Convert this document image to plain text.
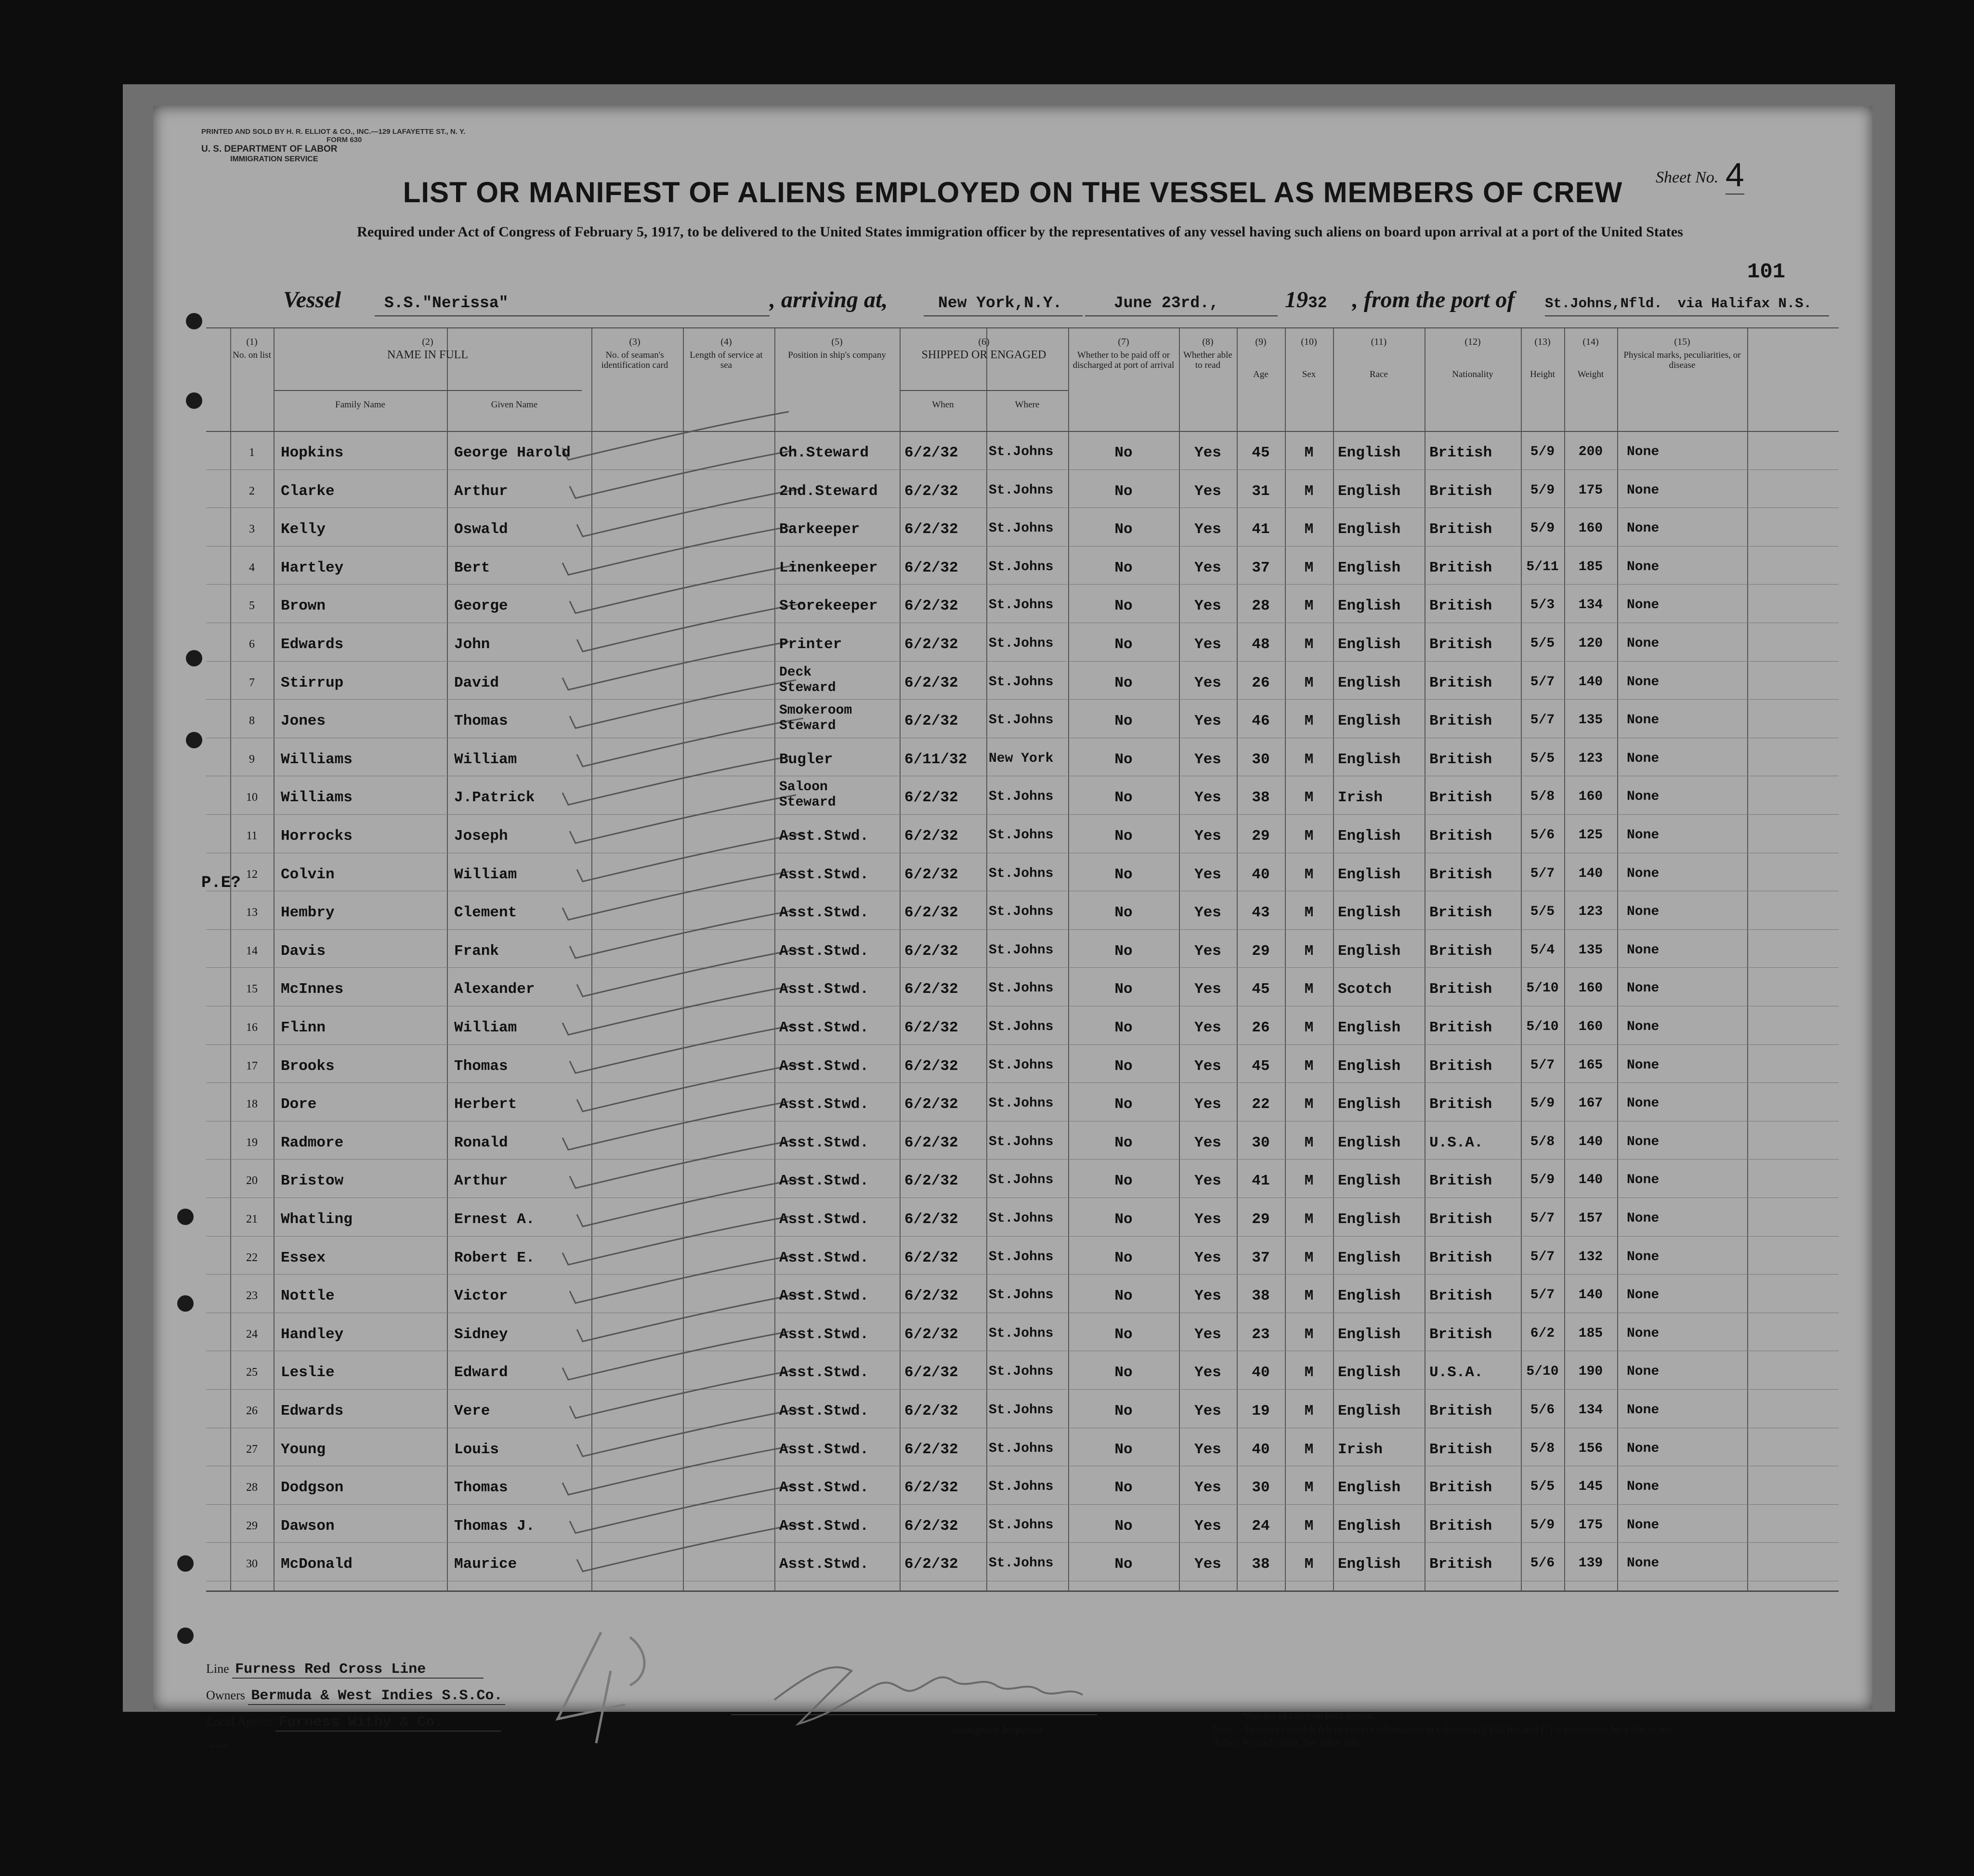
PRINTED AND SOLD BY H. R. ELLIOT & CO., INC.—129 LAFAYETTE ST., N. Y.
FORM 630
U. S. DEPARTMENT OF LABOR
IMMIGRATION SERVICE
Sheet No. 4
LIST OR MANIFEST OF ALIENS EMPLOYED ON THE VESSEL AS MEMBERS OF CREW
Required under Act of Congress of February 5, 1917, to be delivered to the United States immigration officer by the representatives of any vessel having such aliens on board upon arrival at a port of the United States
101
Vessel	S.S."Nerissa"	, arriving at,	New York,N.Y.	June 23rd.,	1932 , from the port of St.Johns,Nfld. via Halifax N.S.
(1)
No. on list
(2)
NAME IN FULL
Family Name	Given Name
(3)
No. of seaman's identification card
(4)
Length of service at sea
(5)
Position in ship's company
(6)
SHIPPED OR ENGAGED
When	Where
(7)
Whether to be paid off or discharged at port of arrival
(8)
Whether able to read
(9)
Age
(10)
Sex
(11)
Race
(12)
Nationality
(13)
Height
(14)
Weight
(15)
Physical marks, peculiarities, or disease
P.E?
1	Hopkins	George Harold	Ch.Steward	6/2/32	St.Johns	No	Yes	45	M	English	British	5/9	200	None
2	Clarke	Arthur	2nd.Steward	6/2/32	St.Johns	No	Yes	31	M	English	British	5/9	175	None
3	Kelly	Oswald	Barkeeper	6/2/32	St.Johns	No	Yes	41	M	English	British	5/9	160	None
4	Hartley	Bert	Linenkeeper	6/2/32	St.Johns	No	Yes	37	M	English	British	5/11	185	None
5	Brown	George	Storekeeper	6/2/32	St.Johns	No	Yes	28	M	English	British	5/3	134	None
6	Edwards	John	Printer	6/2/32	St.Johns	No	Yes	48	M	English	British	5/5	120	None
7	Stirrup	David
Deck
Steward	6/2/32	St.Johns	No	Yes	26	M	English	British	5/7	140	None
8	Jones	Thomas
Smokeroom
Steward	6/2/32	St.Johns	No	Yes	46	M	English	British	5/7	135	None
9	Williams	William	Bugler	6/11/32	New York	No	Yes	30	M	English	British	5/5	123	None
10	Williams	J.Patrick
Saloon
Steward	6/2/32	St.Johns	No	Yes	38	M	Irish	British	5/8	160	None
11	Horrocks	Joseph	Asst.Stwd.	6/2/32	St.Johns	No	Yes	29	M	English	British	5/6	125	None
12	Colvin	William	Asst.Stwd.	6/2/32	St.Johns	No	Yes	40	M	English	British	5/7	140	None
13	Hembry	Clement	Asst.Stwd.	6/2/32	St.Johns	No	Yes	43	M	English	British	5/5	123	None
14	Davis	Frank	Asst.Stwd.	6/2/32	St.Johns	No	Yes	29	M	English	British	5/4	135	None
15	McInnes	Alexander	Asst.Stwd.	6/2/32	St.Johns	No	Yes	45	M	Scotch	British	5/10	160	None
16	Flinn	William	Asst.Stwd.	6/2/32	St.Johns	No	Yes	26	M	English	British	5/10	160	None
17	Brooks	Thomas	Asst.Stwd.	6/2/32	St.Johns	No	Yes	45	M	English	British	5/7	165	None
18	Dore	Herbert	Asst.Stwd.	6/2/32	St.Johns	No	Yes	22	M	English	British	5/9	167	None
19	Radmore	Ronald	Asst.Stwd.	6/2/32	St.Johns	No	Yes	30	M	English	U.S.A.	5/8	140	None
20	Bristow	Arthur	Asst.Stwd.	6/2/32	St.Johns	No	Yes	41	M	English	British	5/9	140	None
21	Whatling	Ernest A.	Asst.Stwd.	6/2/32	St.Johns	No	Yes	29	M	English	British	5/7	157	None
22	Essex	Robert E.	Asst.Stwd.	6/2/32	St.Johns	No	Yes	37	M	English	British	5/7	132	None
23	Nottle	Victor	Asst.Stwd.	6/2/32	St.Johns	No	Yes	38	M	English	British	5/7	140	None
24	Handley	Sidney	Asst.Stwd.	6/2/32	St.Johns	No	Yes	23	M	English	British	6/2	185	None
25	Leslie	Edward	Asst.Stwd.	6/2/32	St.Johns	No	Yes	40	M	English	U.S.A.	5/10	190	None
26	Edwards	Vere	Asst.Stwd.	6/2/32	St.Johns	No	Yes	19	M	English	British	5/6	134	None
27	Young	Louis	Asst.Stwd.	6/2/32	St.Johns	No	Yes	40	M	Irish	British	5/8	156	None
28	Dodgson	Thomas	Asst.Stwd.	6/2/32	St.Johns	No	Yes	30	M	English	British	5/5	145	None
29	Dawson	Thomas J.	Asst.Stwd.	6/2/32	St.Johns	No	Yes	24	M	English	British	5/9	175	None
30	McDonald	Maurice	Asst.Stwd.	6/2/32	St.Johns	No	Yes	38	M	English	British	5/6	139	None
Line Furness Red Cross Line
Owners Bermuda & West Indies S.S.Co.
Local Agents Furness Withy & Co.
14-1840
Immigrant Inspector
*See list of races on back hereof.
Note.—Failure to furnish full or correct information in columns (2), (5), (6), and (7) is punishable by a fine of ten dollars for each alien. See other side.
